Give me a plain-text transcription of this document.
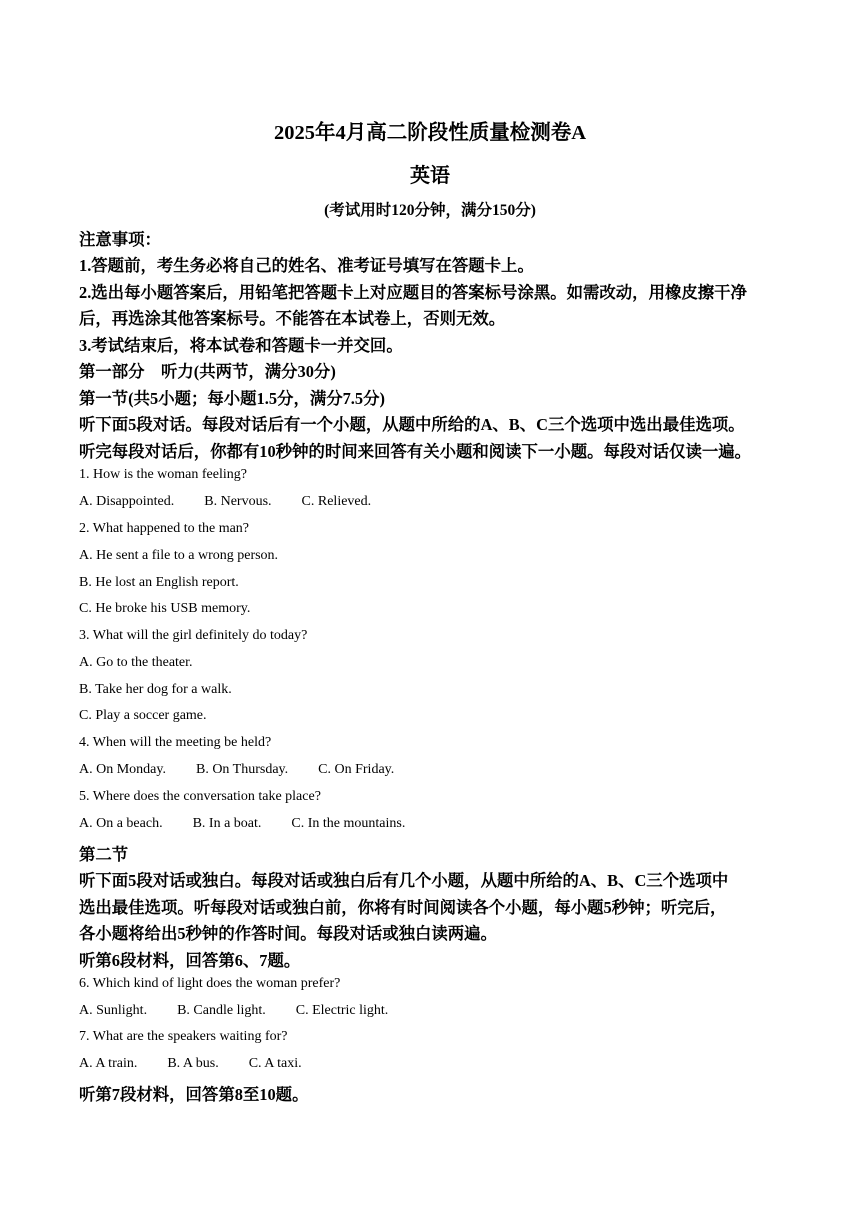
2025年4月高二阶段性质量检测卷A
英语
(考试用时120分钟，满分150分)
注意事项：
1.答题前，考生务必将自己的姓名、准考证号填写在答题卡上。
2.选出每小题答案后，用铅笔把答题卡上对应题目的答案标号涂黑。如需改动，用橡皮擦干净
后，再选涂其他答案标号。不能答在本试卷上，否则无效。
3.考试结束后，将本试卷和答题卡一并交回。
第一部分　听力(共两节，满分30分)
第一节(共5小题；每小题1.5分，满分7.5分)
听下面5段对话。每段对话后有一个小题，从题中所给的A、B、C三个选项中选出最佳选项。
听完每段对话后，你都有10秒钟的时间来回答有关小题和阅读下一小题。每段对话仅读一遍。
1. How is the woman feeling?
A. Disappointed. B. Nervous. C. Relieved.
2. What happened to the man?
A. He sent a file to a wrong person.
B. He lost an English report.
C. He broke his USB memory.
3. What will the girl definitely do today?
A. Go to the theater.
B. Take her dog for a walk.
C. Play a soccer game.
4. When will the meeting be held?
A. On Monday. B. On Thursday. C. On Friday.
5. Where does the conversation take place?
A. On a beach. B. In a boat. C. In the mountains.
第二节
听下面5段对话或独白。每段对话或独白后有几个小题，从题中所给的A、B、C三个选项中
选出最佳选项。听每段对话或独白前，你将有时间阅读各个小题，每小题5秒钟；听完后，
各小题将给出5秒钟的作答时间。每段对话或独白读两遍。
听第6段材料，回答第6、7题。
6. Which kind of light does the woman prefer?
A. Sunlight. B. Candle light. C. Electric light.
7. What are the speakers waiting for?
A. A train. B. A bus. C. A taxi.
听第7段材料，回答第8至10题。
